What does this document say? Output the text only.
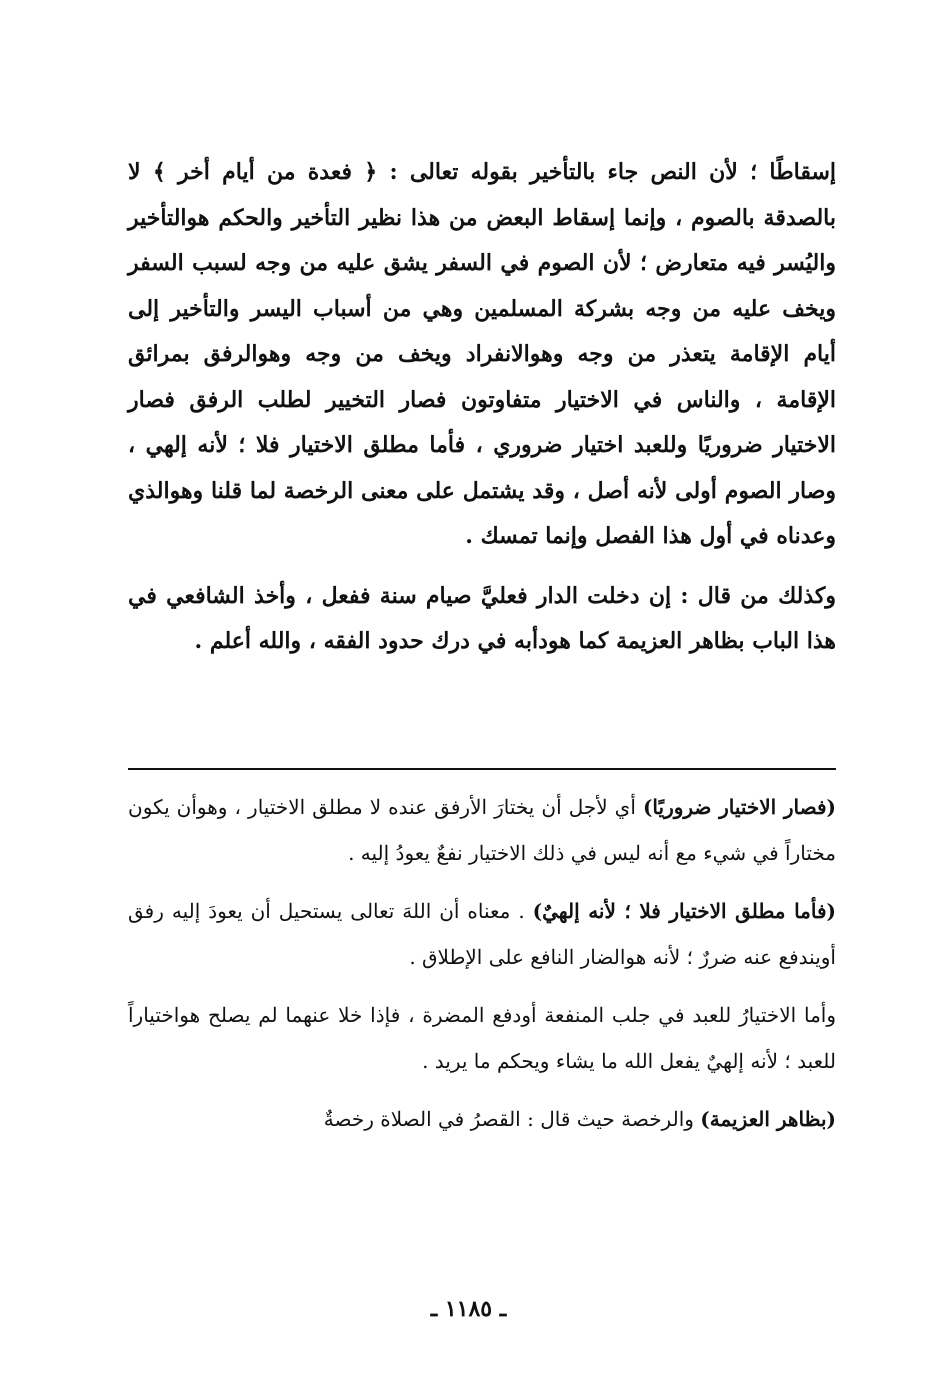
إسقاطًا ؛ لأن النص جاء بالتأخير بقوله تعالى : ﴿ فعدة من أيام أخر ﴾ لا بالصدقة بالصوم ، وإنما إسقاط البعض من هذا نظير التأخير والحكم هوالتأخير واليُسر فيه متعارض ؛ لأن الصوم في السفر يشق عليه من وجه لسبب السفر ويخف عليه من وجه بشركة المسلمين وهي من أسباب اليسر والتأخير إلى أيام الإقامة يتعذر من وجه وهوالانفراد ويخف من وجه وهوالرفق بمرائق الإقامة ، والناس في الاختيار متفاوتون فصار التخيير لطلب الرفق فصار الاختيار ضروريًا وللعبد اختيار ضروري ، فأما مطلق الاختيار فلا ؛ لأنه إلهي ، وصار الصوم أولى لأنه أصل ، وقد يشتمل على معنى الرخصة لما قلنا وهوالذي وعدناه في أول هذا الفصل وإنما تمسك .

وكذلك من قال : إن دخلت الدار فعليَّ صيام سنة ففعل ، وأخذ الشافعي في هذا الباب بظاهر العزيمة كما هودأبه في درك حدود الفقه ، والله أعلم .

(فصار الاختيار ضروريًا) أي لأجل أن يختارَ الأرفق عنده لا مطلق الاختيار ، وهوأن يكون مختاراً في شيء مع أنه ليس في ذلك الاختيار نفعٌ يعودُ إليه .

(فأما مطلق الاختيار فلا ؛ لأنه إلهيٌ) . معناه أن اللهَ تعالى يستحيل أن يعودَ إليه رفق أويندفع عنه ضررٌ ؛ لأنه هوالضار النافع على الإطلاق .

وأما الاختيارُ للعبد في جلب المنفعة أودفع المضرة ، فإذا خلا عنهما لم يصلح هواختياراً للعبد ؛ لأنه إلهيٌ يفعل الله ما يشاء ويحكم ما يريد .

(بظاهر العزيمة) والرخصة حيث قال : القصرُ في الصلاة رخصةٌ

ـ ١١٨٥ ـ
